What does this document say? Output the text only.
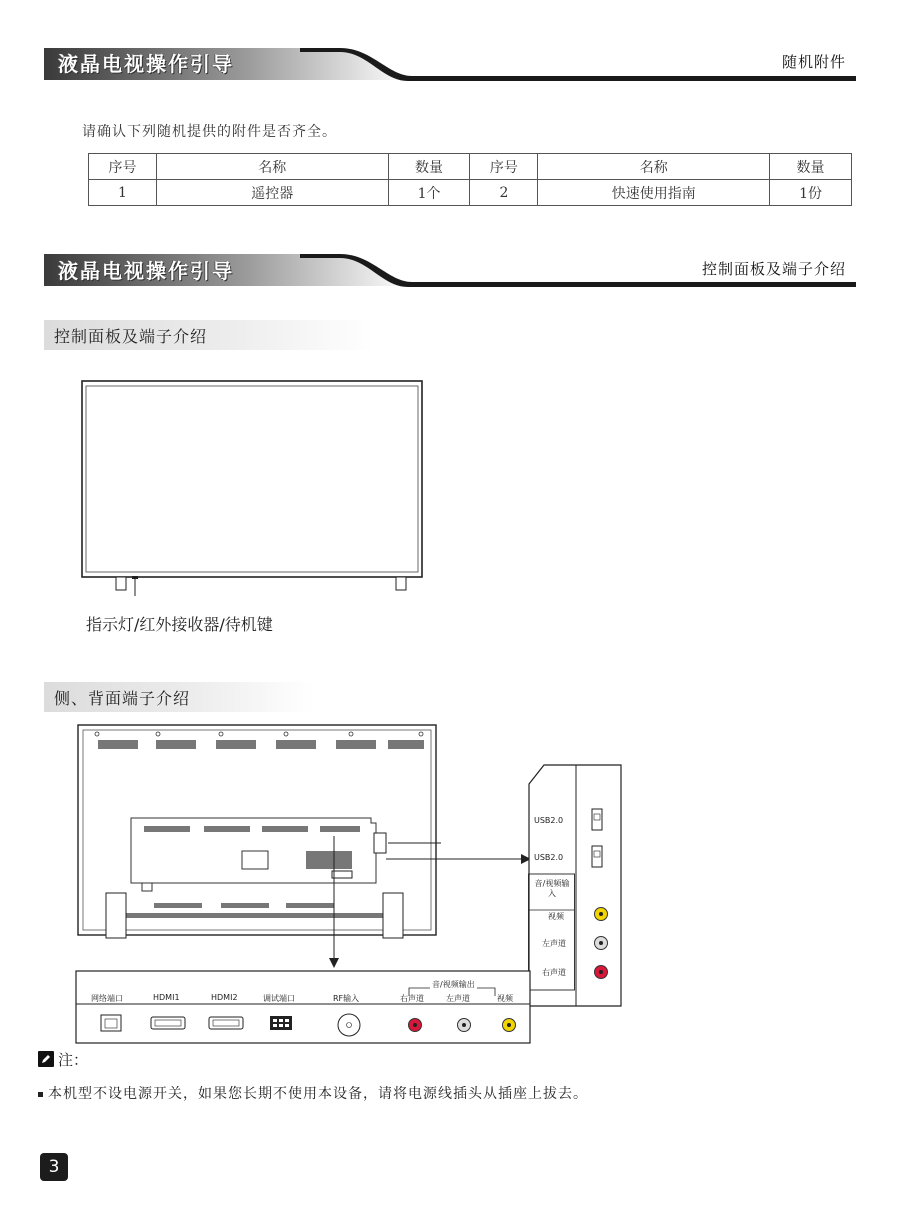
液晶电视操作引导	随机附件
请确认下列随机提供的附件是否齐全。
序号	名称	数量	序号	名称	数量
1	遥控器	1个	2	快速使用指南	1份
液晶电视操作引导	控制面板及端子介绍
控制面板及端子介绍
指示灯/红外接收器/待机键
侧、背面端子介绍
USB2.0
USB2.0
音/视频输入
视频
左声道
右声道
网络端口	HDMI1	HDMI2	调试端口	RF输入
音/视频输出
右声道	左声道	视频
注：
本机型不设电源开关，如果您长期不使用本设备，请将电源线插头从插座上拔去。
3
